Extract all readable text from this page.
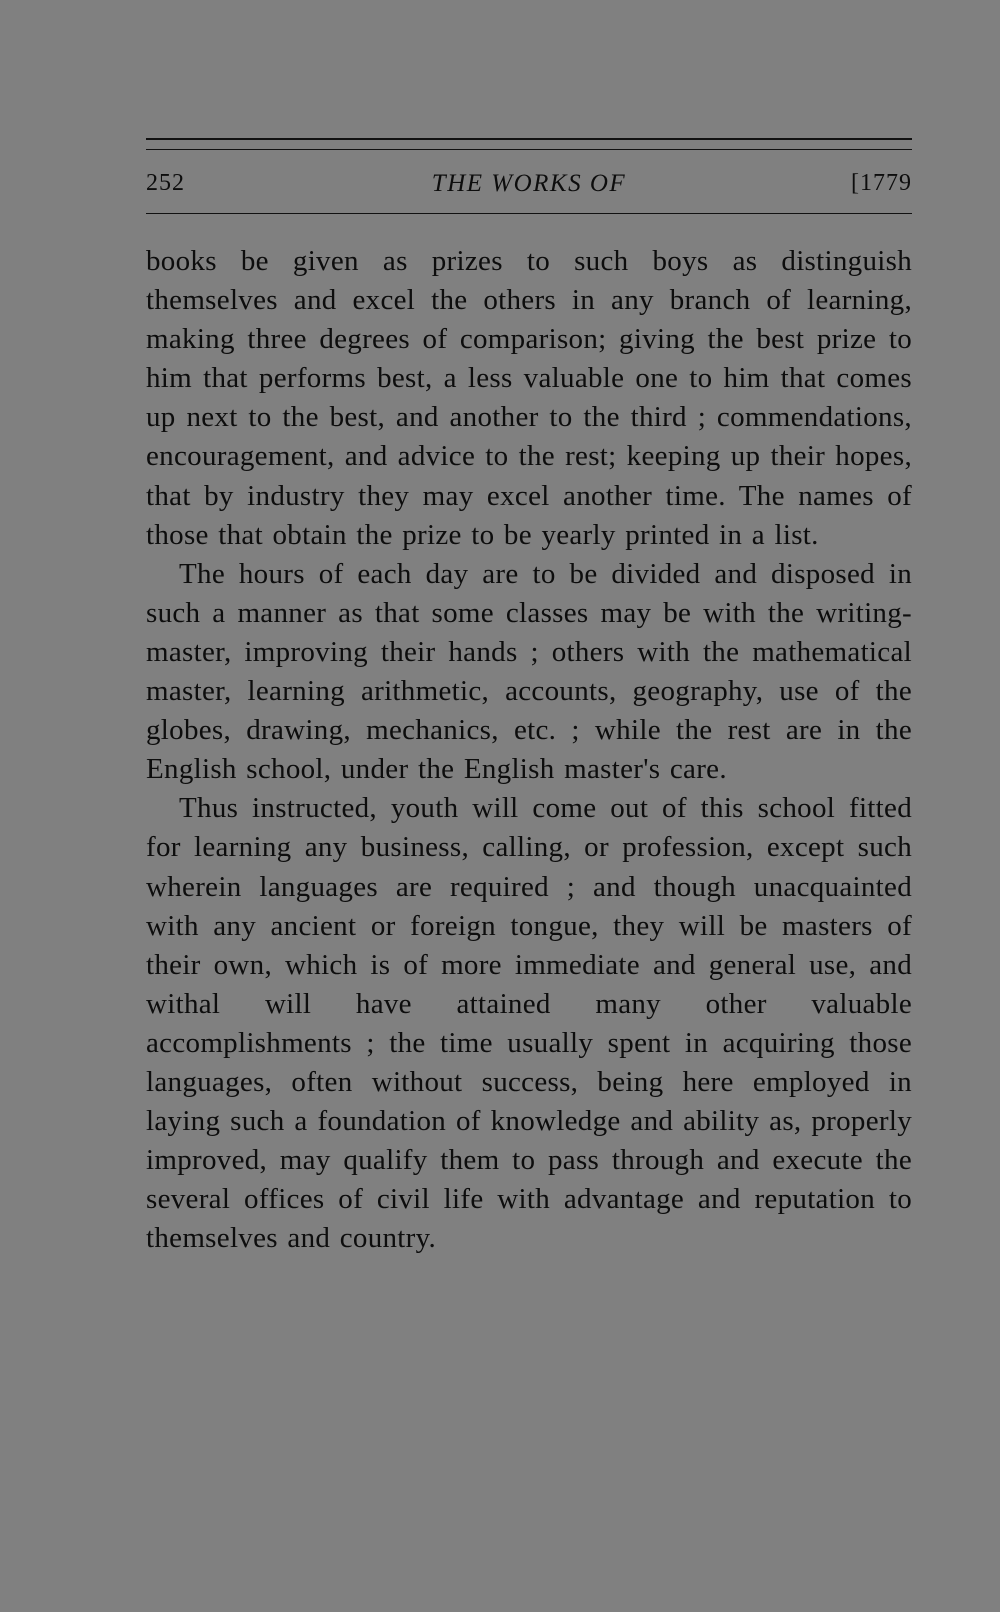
252	THE WORKS OF	[1779

books be given as prizes to such boys as distinguish themselves and excel the others in any branch of learning, making three degrees of comparison; giving the best prize to him that performs best, a less valuable one to him that comes up next to the best, and another to the third ; commendations, encouragement, and advice to the rest; keeping up their hopes, that by industry they may excel another time. The names of those that obtain the prize to be yearly printed in a list.

The hours of each day are to be divided and disposed in such a manner as that some classes may be with the writing-master, improving their hands ; others with the mathematical master, learning arithmetic, accounts, geography, use of the globes, drawing, mechanics, etc. ; while the rest are in the English school, under the English master's care.

Thus instructed, youth will come out of this school fitted for learning any business, calling, or profession, except such wherein languages are required ; and though unacquainted with any ancient or foreign tongue, they will be masters of their own, which is of more immediate and general use, and withal will have attained many other valuable accomplishments ; the time usually spent in acquiring those languages, often without success, being here employed in laying such a foundation of knowledge and ability as, properly improved, may qualify them to pass through and execute the several offices of civil life with advantage and reputation to themselves and country.
